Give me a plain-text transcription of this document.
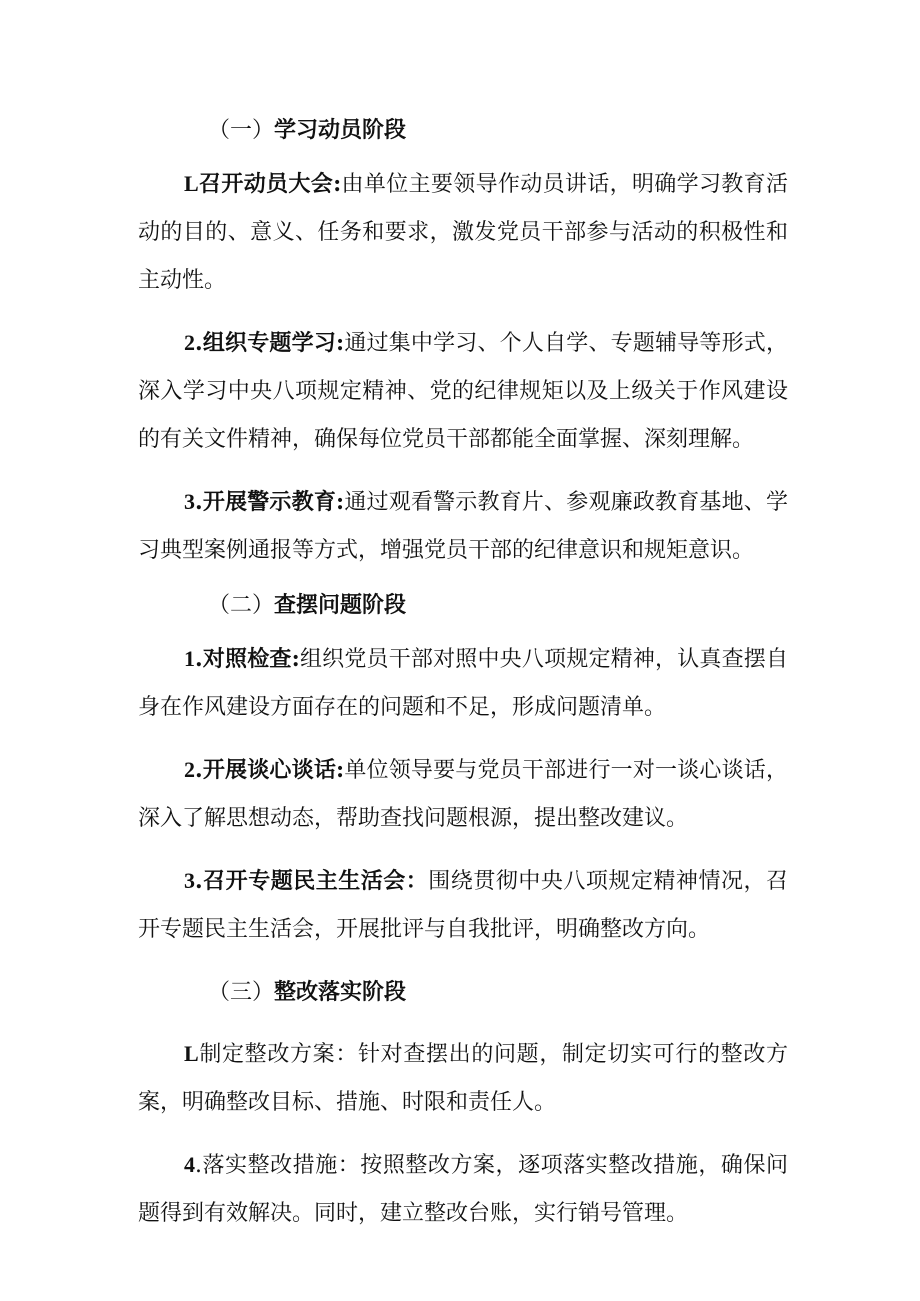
（一）学习动员阶段

L召开动员大会:由单位主要领导作动员讲话，明确学习教育活动的目的、意义、任务和要求，激发党员干部参与活动的积极性和主动性。

2.组织专题学习:通过集中学习、个人自学、专题辅导等形式，深入学习中央八项规定精神、党的纪律规矩以及上级关于作风建设的有关文件精神，确保每位党员干部都能全面掌握、深刻理解。

3.开展警示教育:通过观看警示教育片、参观廉政教育基地、学习典型案例通报等方式，增强党员干部的纪律意识和规矩意识。

（二）查摆问题阶段

1.对照检查:组织党员干部对照中央八项规定精神，认真查摆自身在作风建设方面存在的问题和不足，形成问题清单。

2.开展谈心谈话:单位领导要与党员干部进行一对一谈心谈话，深入了解思想动态，帮助查找问题根源，提出整改建议。

3.召开专题民主生活会：围绕贯彻中央八项规定精神情况，召开专题民主生活会，开展批评与自我批评，明确整改方向。

（三）整改落实阶段

L制定整改方案：针对查摆出的问题，制定切实可行的整改方案，明确整改目标、措施、时限和责任人。

4.落实整改措施：按照整改方案，逐项落实整改措施，确保问题得到有效解决。同时，建立整改台账，实行销号管理。
